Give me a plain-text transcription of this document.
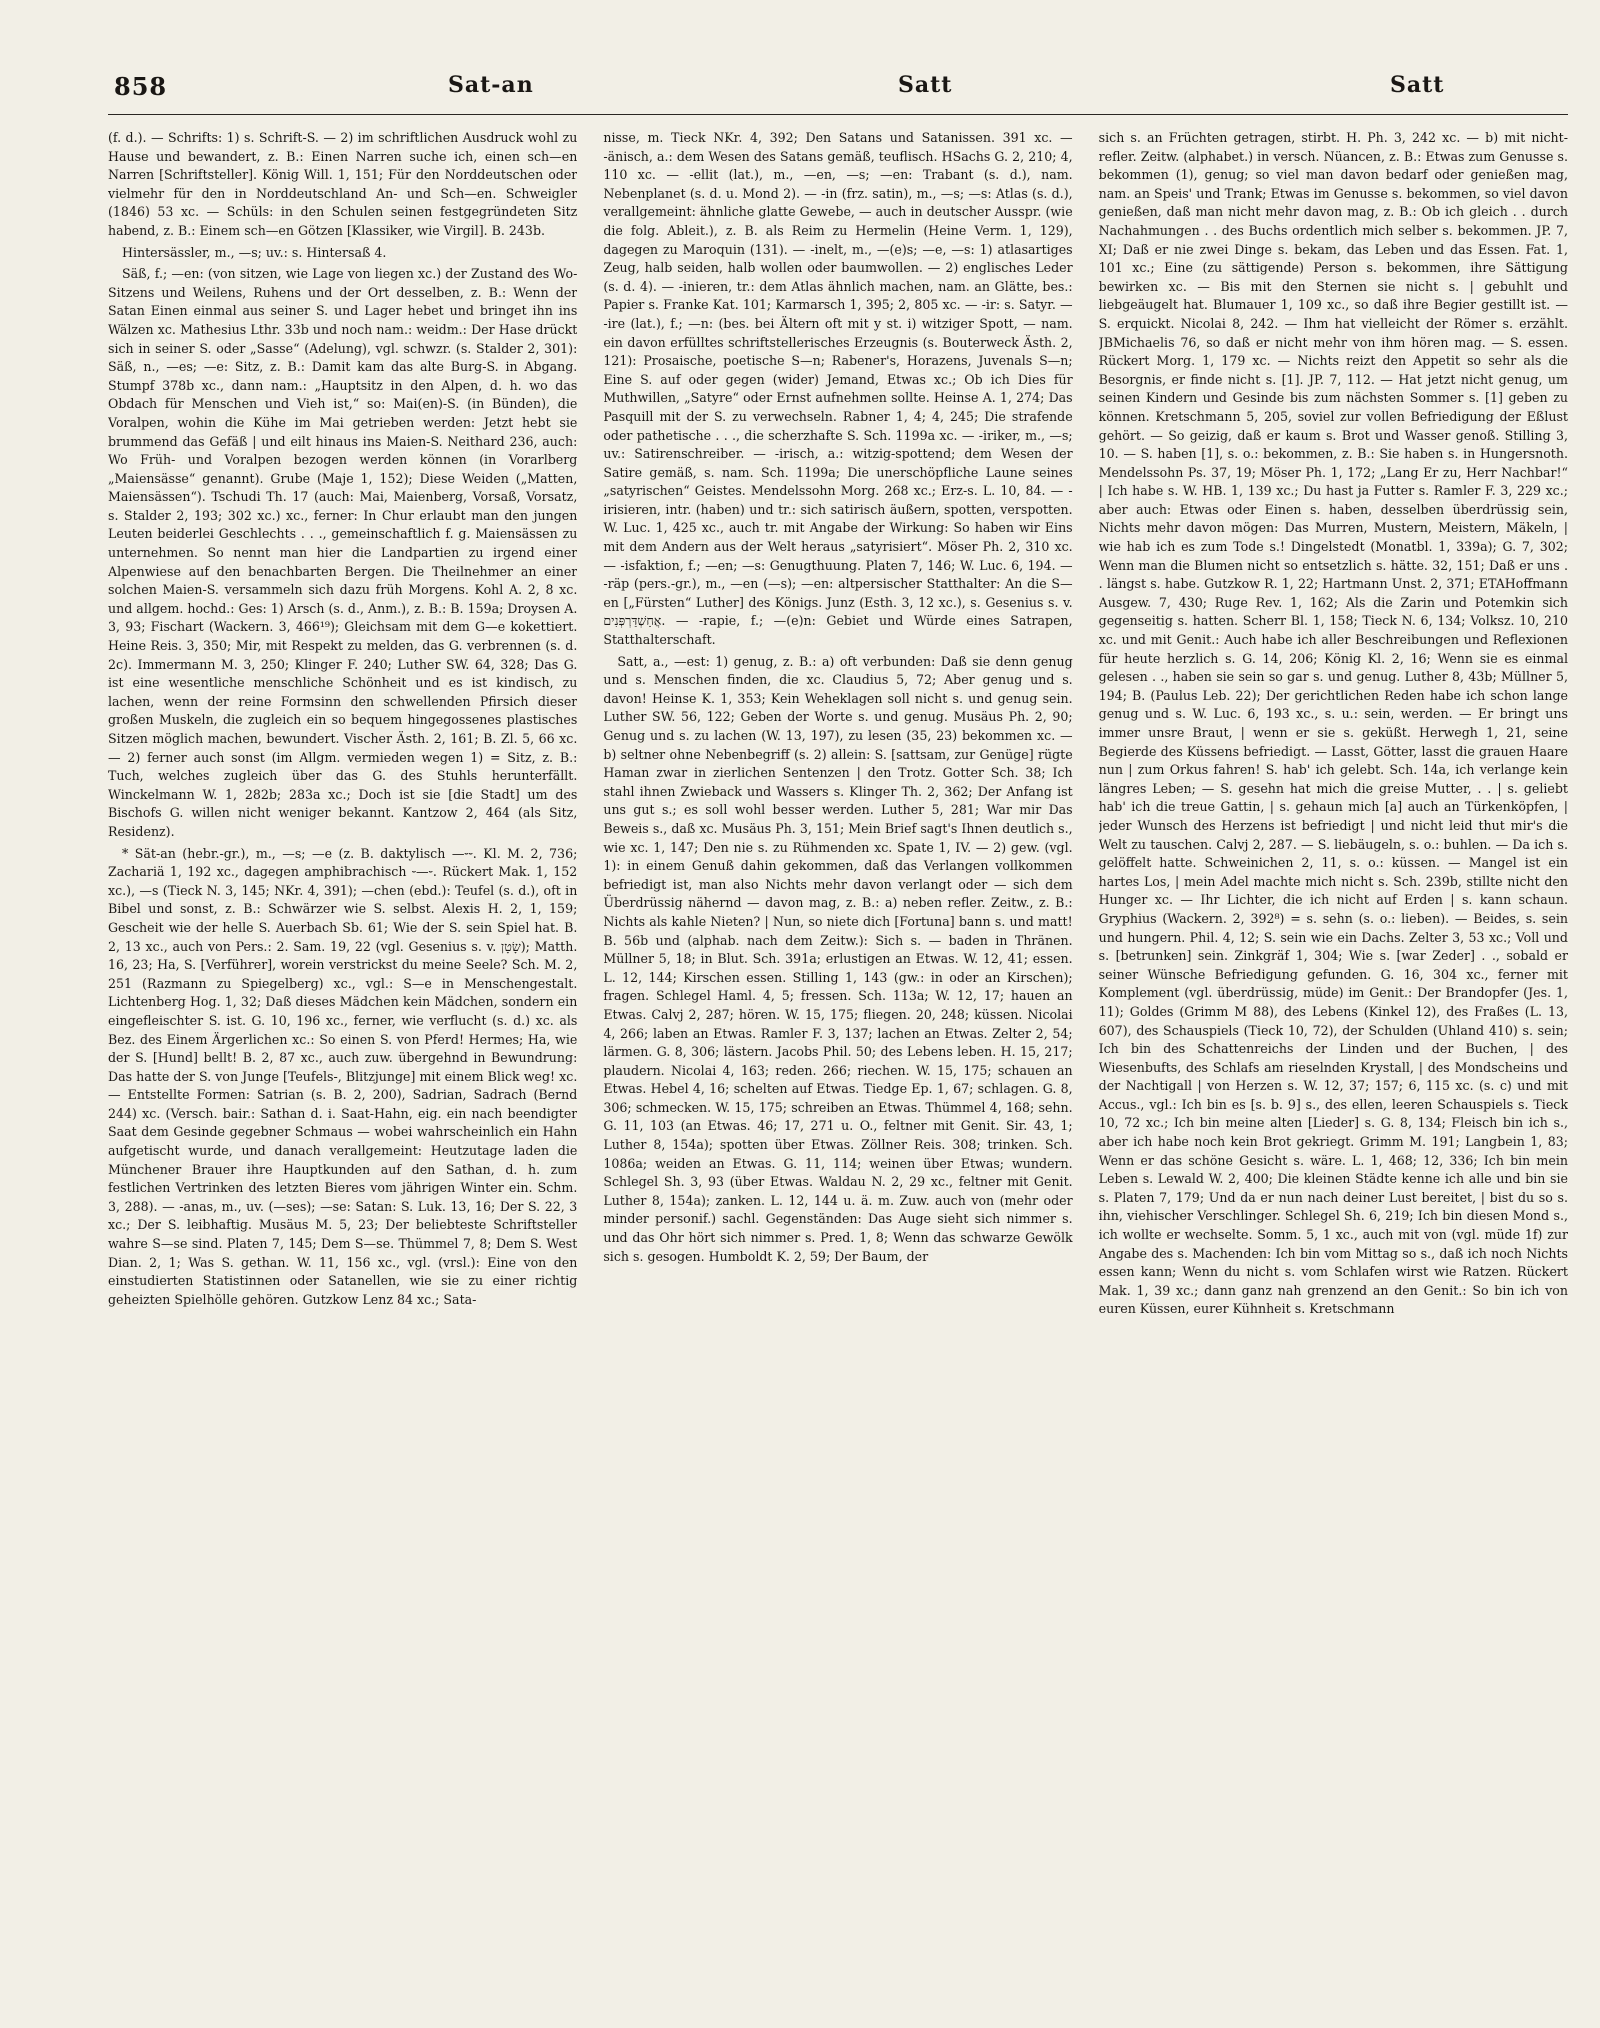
858	Sat-an	Satt	Satt

(f. d.). — Schrifts: 1) s. Schrift-S. — 2) im schriftlichen Ausdruck wohl zu Hause und bewandert, z. B.: Einen Narren suche ich, einen sch—en Narren [Schriftsteller]. König Will. 1, 151; Für den Norddeutschen oder vielmehr für den in Norddeutschland An- und Sch—en. Schweigler (1846) 53 xc. — Schüls: in den Schulen seinen festgegründeten Sitz habend, z. B.: Einem sch—en Götzen [Klassiker, wie Virgil]. B. 243b.

Hintersässler, m., —s; uv.: s. Hintersaß 4.

Säß, f.; —en: (von sitzen, wie Lage von liegen xc.) der Zustand des Wo-Sitzens und Weilens, Ruhens und der Ort desselben, z. B.: Wenn der Satan Einen einmal aus seiner S. und Lager hebet und bringet ihn ins Wälzen xc. Mathesius Lthr. 33b und noch nam.: weidm.: Der Hase drückt sich in seiner S. oder „Sasse“ (Adelung), vgl. schwzr. (s. Stalder 2, 301): Säß, n., —es; —e: Sitz, z. B.: Damit kam das alte Burg-S. in Abgang. Stumpf 378b xc., dann nam.: „Hauptsitz in den Alpen, d. h. wo das Obdach für Menschen und Vieh ist,“ so: Mai(en)-S. (in Bünden), die Voralpen, wohin die Kühe im Mai getrieben werden: Jetzt hebt sie brummend das Gefäß | und eilt hinaus ins Maien-S. Neithard 236, auch: Wo Früh- und Voralpen bezogen werden können (in Vorarlberg „Maiensässe“ genannt). Grube (Maje 1, 152); Diese Weiden („Matten, Maiensässen“). Tschudi Th. 17 (auch: Mai, Maienberg, Vorsaß, Vorsatz, s. Stalder 2, 193; 302 xc.) xc., ferner: In Chur erlaubt man den jungen Leuten beiderlei Geschlechts . . ., gemeinschaftlich f. g. Maiensässen zu unternehmen. So nennt man hier die Landpartien zu irgend einer Alpenwiese auf den benachbarten Bergen. Die Theilnehmer an einer solchen Maien-S. versammeln sich dazu früh Morgens. Kohl A. 2, 8 xc. und allgem. hochd.: Ges: 1) Arsch (s. d., Anm.), z. B.: B. 159a; Droysen A. 3, 93; Fischart (Wackern. 3, 466¹⁹); Gleichsam mit dem G—e kokettiert. Heine Reis. 3, 350; Mir, mit Respekt zu melden, das G. verbrennen (s. d. 2c). Immermann M. 3, 250; Klinger F. 240; Luther SW. 64, 328; Das G. ist eine wesentliche menschliche Schönheit und es ist kindisch, zu lachen, wenn der reine Formsinn den schwellenden Pfirsich dieser großen Muskeln, die zugleich ein so bequem hingegossenes plastisches Sitzen möglich machen, bewundert. Vischer Ästh. 2, 161; B. Zl. 5, 66 xc. — 2) ferner auch sonst (im Allgm. vermieden wegen 1) = Sitz, z. B.: Tuch, welches zugleich über das G. des Stuhls herunterfällt. Winckelmann W. 1, 282b; 283a xc.; Doch ist sie [die Stadt] um des Bischofs G. willen nicht weniger bekannt. Kantzow 2, 464 (als Sitz, Residenz).

* Sät-an (hebr.-gr.), m., —s; —e (z. B. daktylisch —⏑⏑. Kl. M. 2, 736; Zachariä 1, 192 xc., dagegen amphibrachisch ⏑—⏑. Rückert Mak. 1, 152 xc.), —s (Tieck N. 3, 145; NKr. 4, 391); —chen (ebd.): Teufel (s. d.), oft in Bibel und sonst, z. B.: Schwärzer wie S. selbst. Alexis H. 2, 1, 159; Gescheit wie der helle S. Auerbach Sb. 61; Wie der S. sein Spiel hat. B. 2, 13 xc., auch von Pers.: 2. Sam. 19, 22 (vgl. Gesenius s. v. שָׂטָן); Matth. 16, 23; Ha, S. [Verführer], worein verstrickst du meine Seele? Sch. M. 2, 251 (Razmann zu Spiegelberg) xc., vgl.: S—e in Menschengestalt. Lichtenberg Hog. 1, 32; Daß dieses Mädchen kein Mädchen, sondern ein eingefleischter S. ist. G. 10, 196 xc., ferner, wie verflucht (s. d.) xc. als Bez. des Einem Ärgerlichen xc.: So einen S. von Pferd! Hermes; Ha, wie der S. [Hund] bellt! B. 2, 87 xc., auch zuw. übergehnd in Bewundrung: Das hatte der S. von Junge [Teufels-, Blitzjunge] mit einem Blick weg! xc. — Entstellte Formen: Satrian (s. B. 2, 200), Sadrian, Sadrach (Bernd 244) xc. (Versch. bair.: Sathan d. i. Saat-Hahn, eig. ein nach beendigter Saat dem Gesinde gegebner Schmaus — wobei wahrscheinlich ein Hahn aufgetischt wurde, und danach verallgemeint: Heutzutage laden die Münchener Brauer ihre Hauptkunden auf den Sathan, d. h. zum festlichen Vertrinken des letzten Bieres vom jährigen Winter ein. Schm. 3, 288). — -anas, m., uv. (—ses); —se: Satan: S. Luk. 13, 16; Der S. 22, 3 xc.; Der S. leibhaftig. Musäus M. 5, 23; Der beliebteste Schriftsteller wahre S—se sind. Platen 7, 145; Dem S—se. Thümmel 7, 8; Dem S. West Dian. 2, 1; Was S. gethan. W. 11, 156 xc., vgl. (vrsl.): Eine von den einstudierten Statistinnen oder Satanellen, wie sie zu einer richtig geheizten Spielhölle gehören. Gutzkow Lenz 84 xc.; Sata-

nisse, m. Tieck NKr. 4, 392; Den Satans und Satanissen. 391 xc. — -änisch, a.: dem Wesen des Satans gemäß, teuflisch. HSachs G. 2, 210; 4, 110 xc. — -ellit (lat.), m., —en, —s; —en: Trabant (s. d.), nam. Nebenplanet (s. d. u. Mond 2). — -in (frz. satin), m., —s; —s: Atlas (s. d.), verallgemeint: ähnliche glatte Gewebe, — auch in deutscher Ausspr. (wie die folg. Ableit.), z. B. als Reim zu Hermelin (Heine Verm. 1, 129), dagegen zu Maroquin (131). — -inelt, m., —(e)s; —e, —s: 1) atlasartiges Zeug, halb seiden, halb wollen oder baumwollen. — 2) englisches Leder (s. d. 4). — -inieren, tr.: dem Atlas ähnlich machen, nam. an Glätte, bes.: Papier s. Franke Kat. 101; Karmarsch 1, 395; 2, 805 xc. — -ir: s. Satyr. — -ire (lat.), f.; —n: (bes. bei Ältern oft mit y st. i) witziger Spott, — nam. ein davon erfülltes schriftstellerisches Erzeugnis (s. Bouterweck Ästh. 2, 121): Prosaische, poetische S—n; Rabener's, Horazens, Juvenals S—n; Eine S. auf oder gegen (wider) Jemand, Etwas xc.; Ob ich Dies für Muthwillen, „Satyre“ oder Ernst aufnehmen sollte. Heinse A. 1, 274; Das Pasquill mit der S. zu verwechseln. Rabner 1, 4; 4, 245; Die strafende oder pathetische . . ., die scherzhafte S. Sch. 1199a xc. — -iriker, m., —s; uv.: Satirenschreiber. — -irisch, a.: witzig-spottend; dem Wesen der Satire gemäß, s. nam. Sch. 1199a; Die unerschöpfliche Laune seines „satyrischen“ Geistes. Mendelssohn Morg. 268 xc.; Erz-s. L. 10, 84. — -irisieren, intr. (haben) und tr.: sich satirisch äußern, spotten, verspotten. W. Luc. 1, 425 xc., auch tr. mit Angabe der Wirkung: So haben wir Eins mit dem Andern aus der Welt heraus „satyrisiert“. Möser Ph. 2, 310 xc. — -isfaktion, f.; —en; —s: Genugthuung. Platen 7, 146; W. Luc. 6, 194. — -räp (pers.-gr.), m., —en (—s); —en: altpersischer Statthalter: An die S—en [„Fürsten“ Luther] des Königs. Junz (Esth. 3, 12 xc.), s. Gesenius s. v. אֲחַשְׁדַּרְפְּנִים. — -rapie, f.; —(e)n: Gebiet und Würde eines Satrapen, Statthalterschaft.

Satt, a., —est: 1) genug, z. B.: a) oft verbunden: Daß sie denn genug und s. Menschen finden, die xc. Claudius 5, 72; Aber genug und s. davon! Heinse K. 1, 353; Kein Weheklagen soll nicht s. und genug sein. Luther SW. 56, 122; Geben der Worte s. und genug. Musäus Ph. 2, 90; Genug und s. zu lachen (W. 13, 197), zu lesen (35, 23) bekommen xc. — b) seltner ohne Nebenbegriff (s. 2) allein: S. [sattsam, zur Genüge] rügte Haman zwar in zierlichen Sentenzen | den Trotz. Gotter Sch. 38; Ich stahl ihnen Zwieback und Wassers s. Klinger Th. 2, 362; Der Anfang ist uns gut s.; es soll wohl besser werden. Luther 5, 281; War mir Das Beweis s., daß xc. Musäus Ph. 3, 151; Mein Brief sagt's Ihnen deutlich s., wie xc. 1, 147; Den nie s. zu Rühmenden xc. Spate 1, IV. — 2) gew. (vgl. 1): in einem Genuß dahin gekommen, daß das Verlangen vollkommen befriedigt ist, man also Nichts mehr davon verlangt oder — sich dem Überdrüssig nähernd — davon mag, z. B.: a) neben refler. Zeitw., z. B.: Nichts als kahle Nieten? | Nun, so niete dich [Fortuna] bann s. und matt! B. 56b und (alphab. nach dem Zeitw.): Sich s. — baden in Thränen. Müllner 5, 18; in Blut. Sch. 391a; erlustigen an Etwas. W. 12, 41; essen. L. 12, 144; Kirschen essen. Stilling 1, 143 (gw.: in oder an Kirschen); fragen. Schlegel Haml. 4, 5; fressen. Sch. 113a; W. 12, 17; hauen an Etwas. Calvj 2, 287; hören. W. 15, 175; fliegen. 20, 248; küssen. Nicolai 4, 266; laben an Etwas. Ramler F. 3, 137; lachen an Etwas. Zelter 2, 54; lärmen. G. 8, 306; lästern. Jacobs Phil. 50; des Lebens leben. H. 15, 217; plaudern. Nicolai 4, 163; reden. 266; riechen. W. 15, 175; schauen an Etwas. Hebel 4, 16; schelten auf Etwas. Tiedge Ep. 1, 67; schlagen. G. 8, 306; schmecken. W. 15, 175; schreiben an Etwas. Thümmel 4, 168; sehn. G. 11, 103 (an Etwas. 46; 17, 271 u. O., feltner mit Genit. Sir. 43, 1; Luther 8, 154a); spotten über Etwas. Zöllner Reis. 308; trinken. Sch. 1086a; weiden an Etwas. G. 11, 114; weinen über Etwas; wundern. Schlegel Sh. 3, 93 (über Etwas. Waldau N. 2, 29 xc., feltner mit Genit. Luther 8, 154a); zanken. L. 12, 144 u. ä. m. Zuw. auch von (mehr oder minder personif.) sachl. Gegenständen: Das Auge sieht sich nimmer s. und das Ohr hört sich nimmer s. Pred. 1, 8; Wenn das schwarze Gewölk sich s. gesogen. Humboldt K. 2, 59; Der Baum, der

sich s. an Früchten getragen, stirbt. H. Ph. 3, 242 xc. — b) mit nicht-refler. Zeitw. (alphabet.) in versch. Nüancen, z. B.: Etwas zum Genusse s. bekommen (1), genug; so viel man davon bedarf oder genießen mag, nam. an Speis' und Trank; Etwas im Genusse s. bekommen, so viel davon genießen, daß man nicht mehr davon mag, z. B.: Ob ich gleich . . durch Nachahmungen . . des Buchs ordentlich mich selber s. bekommen. JP. 7, XI; Daß er nie zwei Dinge s. bekam, das Leben und das Essen. Fat. 1, 101 xc.; Eine (zu sättigende) Person s. bekommen, ihre Sättigung bewirken xc. — Bis mit den Sternen sie nicht s. | gebuhlt und liebgeäugelt hat. Blumauer 1, 109 xc., so daß ihre Begier gestillt ist. — S. erquickt. Nicolai 8, 242. — Ihm hat vielleicht der Römer s. erzählt. JBMichaelis 76, so daß er nicht mehr von ihm hören mag. — S. essen. Rückert Morg. 1, 179 xc. — Nichts reizt den Appetit so sehr als die Besorgnis, er finde nicht s. [1]. JP. 7, 112. — Hat jetzt nicht genug, um seinen Kindern und Gesinde bis zum nächsten Sommer s. [1] geben zu können. Kretschmann 5, 205, soviel zur vollen Befriedigung der Eßlust gehört. — So geizig, daß er kaum s. Brot und Wasser genoß. Stilling 3, 10. — S. haben [1], s. o.: bekommen, z. B.: Sie haben s. in Hungersnoth. Mendelssohn Ps. 37, 19; Möser Ph. 1, 172; „Lang Er zu, Herr Nachbar!“ | Ich habe s. W. HB. 1, 139 xc.; Du hast ja Futter s. Ramler F. 3, 229 xc.; aber auch: Etwas oder Einen s. haben, desselben überdrüssig sein, Nichts mehr davon mögen: Das Murren, Mustern, Meistern, Mäkeln, | wie hab ich es zum Tode s.! Dingelstedt (Monatbl. 1, 339a); G. 7, 302; Wenn man die Blumen nicht so entsetzlich s. hätte. 32, 151; Daß er uns . . längst s. habe. Gutzkow R. 1, 22; Hartmann Unst. 2, 371; ETAHoffmann Ausgew. 7, 430; Ruge Rev. 1, 162; Als die Zarin und Potemkin sich gegenseitig s. hatten. Scherr Bl. 1, 158; Tieck N. 6, 134; Volksz. 10, 210 xc. und mit Genit.: Auch habe ich aller Beschreibungen und Reflexionen für heute herzlich s. G. 14, 206; König Kl. 2, 16; Wenn sie es einmal gelesen . ., haben sie sein so gar s. und genug. Luther 8, 43b; Müllner 5, 194; B. (Paulus Leb. 22); Der gerichtlichen Reden habe ich schon lange genug und s. W. Luc. 6, 193 xc., s. u.: sein, werden. — Er bringt uns immer unsre Braut, | wenn er sie s. geküßt. Herwegh 1, 21, seine Begierde des Küssens befriedigt. — Lasst, Götter, lasst die grauen Haare nun | zum Orkus fahren! S. hab' ich gelebt. Sch. 14a, ich verlange kein längres Leben; — S. gesehn hat mich die greise Mutter, . . | s. geliebt hab' ich die treue Gattin, | s. gehaun mich [a] auch an Türkenköpfen, | jeder Wunsch des Herzens ist befriedigt | und nicht leid thut mir's die Welt zu tauschen. Calvj 2, 287. — S. liebäugeln, s. o.: buhlen. — Da ich s. gelöffelt hatte. Schweinichen 2, 11, s. o.: küssen. — Mangel ist ein hartes Los, | mein Adel machte mich nicht s. Sch. 239b, stillte nicht den Hunger xc. — Ihr Lichter, die ich nicht auf Erden | s. kann schaun. Gryphius (Wackern. 2, 392⁸) = s. sehn (s. o.: lieben). — Beides, s. sein und hungern. Phil. 4, 12; S. sein wie ein Dachs. Zelter 3, 53 xc.; Voll und s. [betrunken] sein. Zinkgräf 1, 304; Wie s. [war Zeder] . ., sobald er seiner Wünsche Befriedigung gefunden. G. 16, 304 xc., ferner mit Komplement (vgl. überdrüssig, müde) im Genit.: Der Brandopfer (Jes. 1, 11); Goldes (Grimm M 88), des Lebens (Kinkel 12), des Fraßes (L. 13, 607), des Schauspiels (Tieck 10, 72), der Schulden (Uhland 410) s. sein; Ich bin des Schattenreichs der Linden und der Buchen, | des Wiesenbufts, des Schlafs am rieselnden Krystall, | des Mondscheins und der Nachtigall | von Herzen s. W. 12, 37; 157; 6, 115 xc. (s. c) und mit Accus., vgl.: Ich bin es [s. b. 9] s., des ellen, leeren Schauspiels s. Tieck 10, 72 xc.; Ich bin meine alten [Lieder] s. G. 8, 134; Fleisch bin ich s., aber ich habe noch kein Brot gekriegt. Grimm M. 191; Langbein 1, 83; Wenn er das schöne Gesicht s. wäre. L. 1, 468; 12, 336; Ich bin mein Leben s. Lewald W. 2, 400; Die kleinen Städte kenne ich alle und bin sie s. Platen 7, 179; Und da er nun nach deiner Lust bereitet, | bist du so s. ihn, viehischer Verschlinger. Schlegel Sh. 6, 219; Ich bin diesen Mond s., ich wollte er wechselte. Somm. 5, 1 xc., auch mit von (vgl. müde 1f) zur Angabe des s. Machenden: Ich bin vom Mittag so s., daß ich noch Nichts essen kann; Wenn du nicht s. vom Schlafen wirst wie Ratzen. Rückert Mak. 1, 39 xc.; dann ganz nah grenzend an den Genit.: So bin ich von euren Küssen, eurer Kühnheit s. Kretschmann
